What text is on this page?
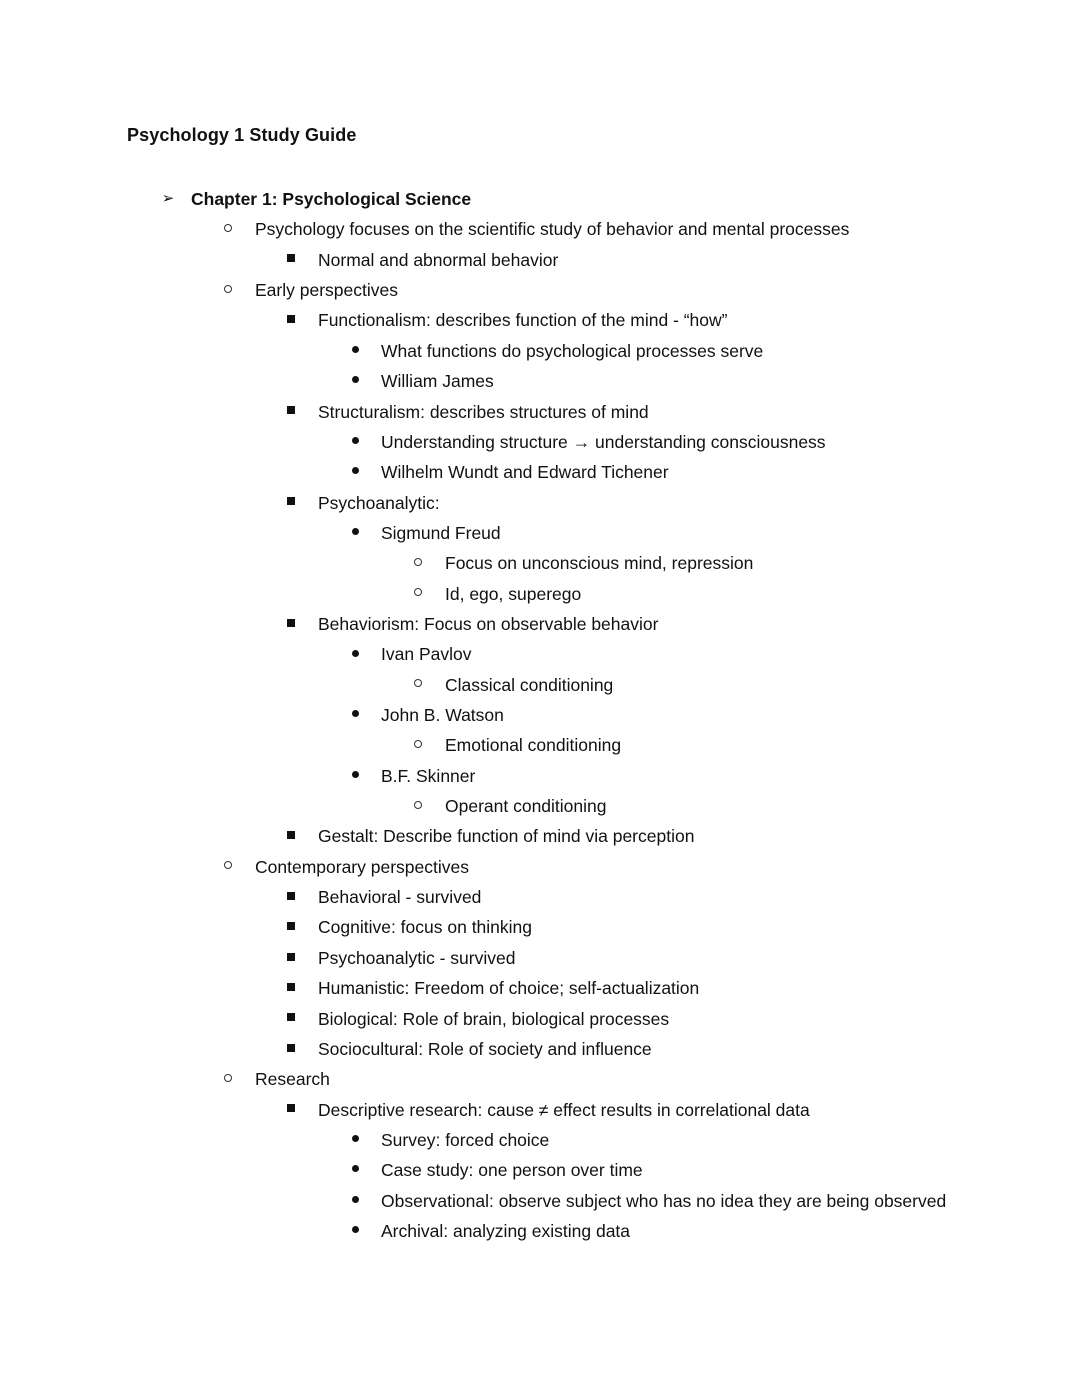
Psychology 1 Study Guide
➢ Chapter 1: Psychological Science
Psychology focuses on the scientific study of behavior and mental processes
Normal and abnormal behavior
Early perspectives
Functionalism: describes function of the mind - “how”
What functions do psychological processes serve
William James
Structuralism: describes structures of mind
Understanding structure → understanding consciousness
Wilhelm Wundt and Edward Tichener
Psychoanalytic:
Sigmund Freud
Focus on unconscious mind, repression
Id, ego, superego
Behaviorism: Focus on observable behavior
Ivan Pavlov
Classical conditioning
John B. Watson
Emotional conditioning
B.F. Skinner
Operant conditioning
Gestalt: Describe function of mind via perception
Contemporary perspectives
Behavioral - survived
Cognitive: focus on thinking
Psychoanalytic - survived
Humanistic: Freedom of choice; self-actualization
Biological: Role of brain, biological processes
Sociocultural: Role of society and influence
Research
Descriptive research: cause ≠ effect results in correlational data
Survey: forced choice
Case study: one person over time
Observational: observe subject who has no idea they are being observed
Archival: analyzing existing data
